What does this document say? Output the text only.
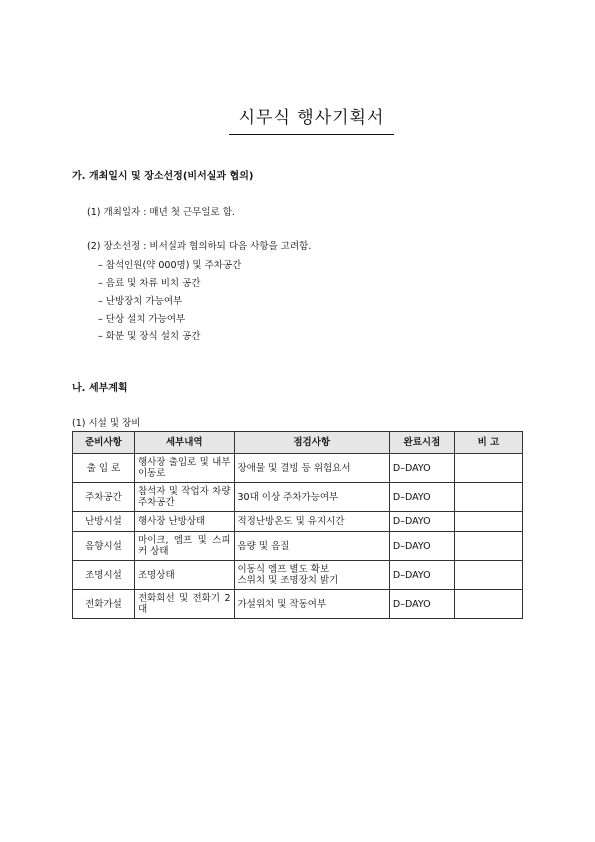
시무식 행사기획서
가. 개최일시 및 장소선정(비서실과 협의)
(1) 개최일자 : 매년 첫 근무일로 함.
(2) 장소선정 : 비서실과 협의하되 다음 사항을 고려함.
– 참석인원(약 000명) 및 주차공간
– 음료 및 차류 비치 공간
– 난방장치 가능여부
– 단상 설치 가능여부
– 화분 및 장식 설치 공간
나. 세부계획
(1) 시설 및 장비
준비사항	세부내역	점검사항	완료시점	비 고
출 입 로	행사장 출입로 및 내부 이동로	장애물 및 결빙 등 위험요서	D–DAYO	
주차공간	참석자 및 작업자 차량 주차공간	30대 이상 주차가능여부	D–DAYO	
난방시설	행사장 난방상태	적정난방온도 및 유지시간	D–DAYO	
음향시설	마이크, 엠프 및 스피커 상태	음량 및 음질	D–DAYO	
조명시설	조명상태	이동식 엠프 별도 확보
스위치 및 조명장치 밝기	D–DAYO	
전화가설	전화회선 및 전화기 2대	가설위치 및 작동여부	D–DAYO	
